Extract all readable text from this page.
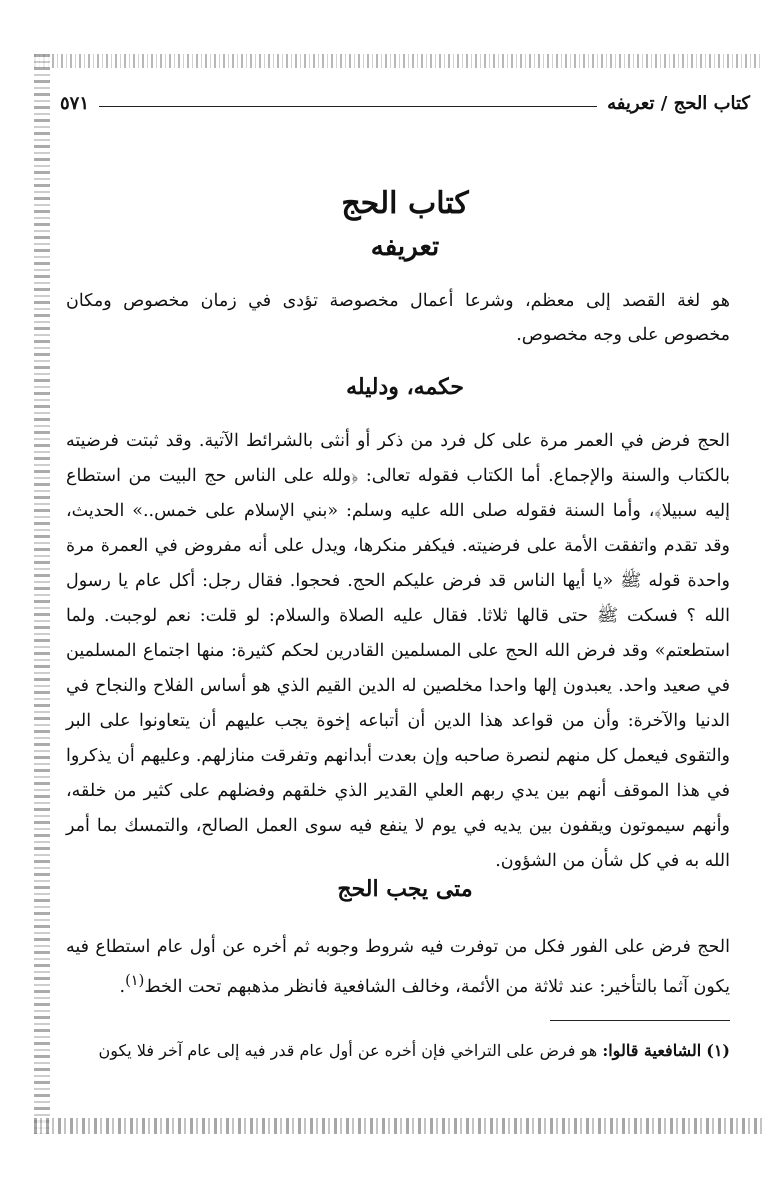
كتاب الحج / تعريفه
٥٧١
كتاب الحج
تعريفه

هو لغة القصد إلى معظم، وشرعا أعمال مخصوصة تؤدى في زمان مخصوص ومكان مخصوص على وجه مخصوص.

حكمه، ودليله

الحج فرض في العمر مرة على كل فرد من ذكر أو أنثى بالشرائط الآتية. وقد ثبتت فرضيته بالكتاب والسنة والإجماع. أما الكتاب فقوله تعالى: ﴿ولله على الناس حج البيت من استطاع إليه سبيلا﴾، وأما السنة فقوله صلى الله عليه وسلم: «بني الإسلام على خمس..» الحديث، وقد تقدم واتفقت الأمة على فرضيته. فيكفر منكرها، ويدل على أنه مفروض في العمرة مرة واحدة قوله ﷺ «يا أيها الناس قد فرض عليكم الحج. فحجوا. فقال رجل: أكل عام يا رسول الله ؟ فسكت ﷺ حتى قالها ثلاثا. فقال عليه الصلاة والسلام: لو قلت: نعم لوجبت. ولما استطعتم» وقد فرض الله الحج على المسلمين القادرين لحكم كثيرة: منها اجتماع المسلمين في صعيد واحد. يعبدون إلها واحدا مخلصين له الدين القيم الذي هو أساس الفلاح والنجاح في الدنيا والآخرة: وأن من قواعد هذا الدين أن أتباعه إخوة يجب عليهم أن يتعاونوا على البر والتقوى فيعمل كل منهم لنصرة صاحبه وإن بعدت أبدانهم وتفرقت منازلهم. وعليهم أن يذكروا في هذا الموقف أنهم بين يدي ربهم العلي القدير الذي خلقهم وفضلهم على كثير من خلقه، وأنهم سيموتون ويقفون بين يديه في يوم لا ينفع فيه سوى العمل الصالح، والتمسك بما أمر الله به في كل شأن من الشؤون.

متى يجب الحج

الحج فرض على الفور فكل من توفرت فيه شروط وجوبه ثم أخره عن أول عام استطاع فيه يكون آثما بالتأخير: عند ثلاثة من الأئمة، وخالف الشافعية فانظر مذهبهم تحت الخط$^{(١)}$.

(١) الشافعية قالوا: هو فرض على التراخي فإن أخره عن أول عام قدر فيه إلى عام آخر فلا يكون
